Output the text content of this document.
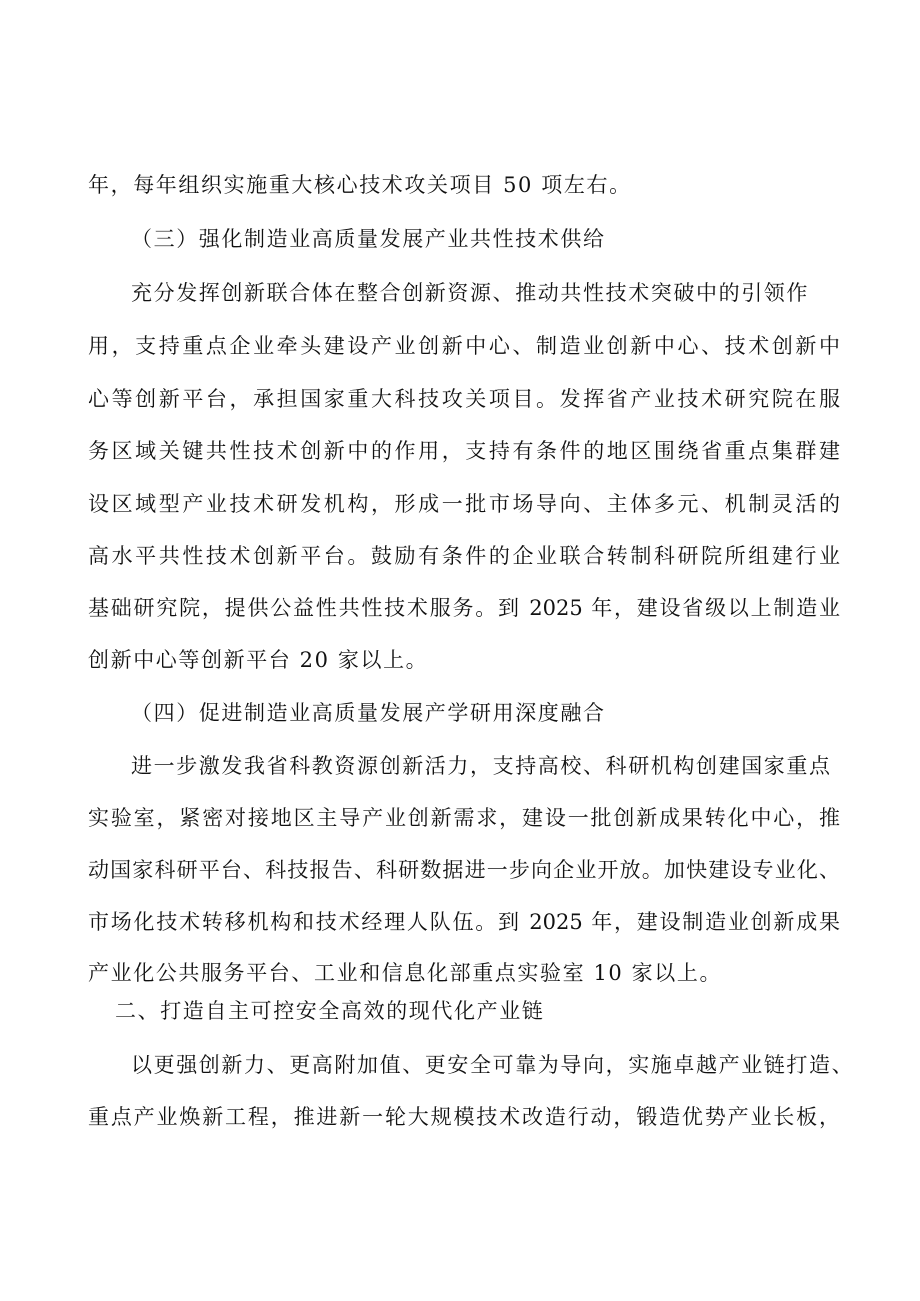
年，每年组织实施重大核心技术攻关项目 50 项左右。
（三）强化制造业高质量发展产业共性技术供给
充分发挥创新联合体在整合创新资源、推动共性技术突破中的引领作
用，支持重点企业牵头建设产业创新中心、制造业创新中心、技术创新中
心等创新平台，承担国家重大科技攻关项目。发挥省产业技术研究院在服
务区域关键共性技术创新中的作用，支持有条件的地区围绕省重点集群建
设区域型产业技术研发机构，形成一批市场导向、主体多元、机制灵活的
高水平共性技术创新平台。鼓励有条件的企业联合转制科研院所组建行业
基础研究院，提供公益性共性技术服务。到 2025 年，建设省级以上制造业
创新中心等创新平台 20 家以上。
（四）促进制造业高质量发展产学研用深度融合
进一步激发我省科教资源创新活力，支持高校、科研机构创建国家重点
实验室，紧密对接地区主导产业创新需求，建设一批创新成果转化中心，推
动国家科研平台、科技报告、科研数据进一步向企业开放。加快建设专业化、
市场化技术转移机构和技术经理人队伍。到 2025 年，建设制造业创新成果
产业化公共服务平台、工业和信息化部重点实验室 10 家以上。
二、打造自主可控安全高效的现代化产业链
以更强创新力、更高附加值、更安全可靠为导向，实施卓越产业链打造、
重点产业焕新工程，推进新一轮大规模技术改造行动，锻造优势产业长板，
